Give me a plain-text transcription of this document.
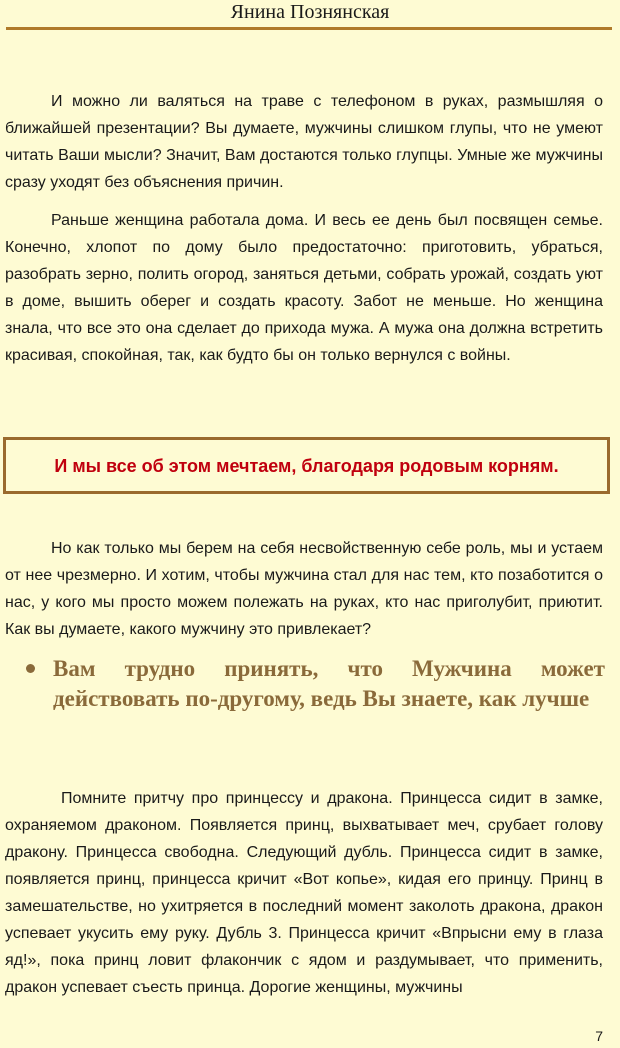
Янина Познянская

И можно ли валяться на траве с телефоном в руках, размышляя о ближайшей презентации? Вы думаете, мужчины слишком глупы, что не умеют читать Ваши мысли? Значит, Вам достаются только глупцы. Умные же мужчины сразу уходят без объяснения причин.

Раньше женщина работала дома. И весь ее день был посвящен семье. Конечно, хлопот по дому было предостаточно: приготовить, убраться, разобрать зерно, полить огород, заняться детьми, собрать урожай, создать уют в доме, вышить оберег и создать красоту. Забот не меньше. Но женщина знала, что все это она сделает до прихода мужа. А мужа она должна встретить красивая, спокойная, так, как будто бы он только вернулся с войны.

И мы все об этом мечтаем, благодаря родовым корням.

Но как только мы берем на себя несвойственную себе роль, мы и устаем от нее чрезмерно. И хотим, чтобы мужчина стал для нас тем, кто позаботится о нас, у кого мы просто можем полежать на руках, кто нас приголубит, приютит. Как вы думаете, какого мужчину это привлекает?

Вам трудно принять, что Мужчина может действовать по-другому, ведь Вы знаете, как лучше

Помните притчу про принцессу и дракона. Принцесса сидит в замке, охраняемом драконом. Появляется принц, выхватывает меч, срубает голову дракону. Принцесса свободна. Следующий дубль. Принцесса сидит в замке, появляется принц, принцесса кричит «Вот копье», кидая его принцу. Принц в замешательстве, но ухитряется в последний момент заколоть дракона, дракон успевает укусить ему руку. Дубль 3. Принцесса кричит «Впрысни ему в глаза яд!», пока принц ловит флакончик с ядом и раздумывает, что применить, дракон успевает съесть принца. Дорогие женщины, мужчины

7
